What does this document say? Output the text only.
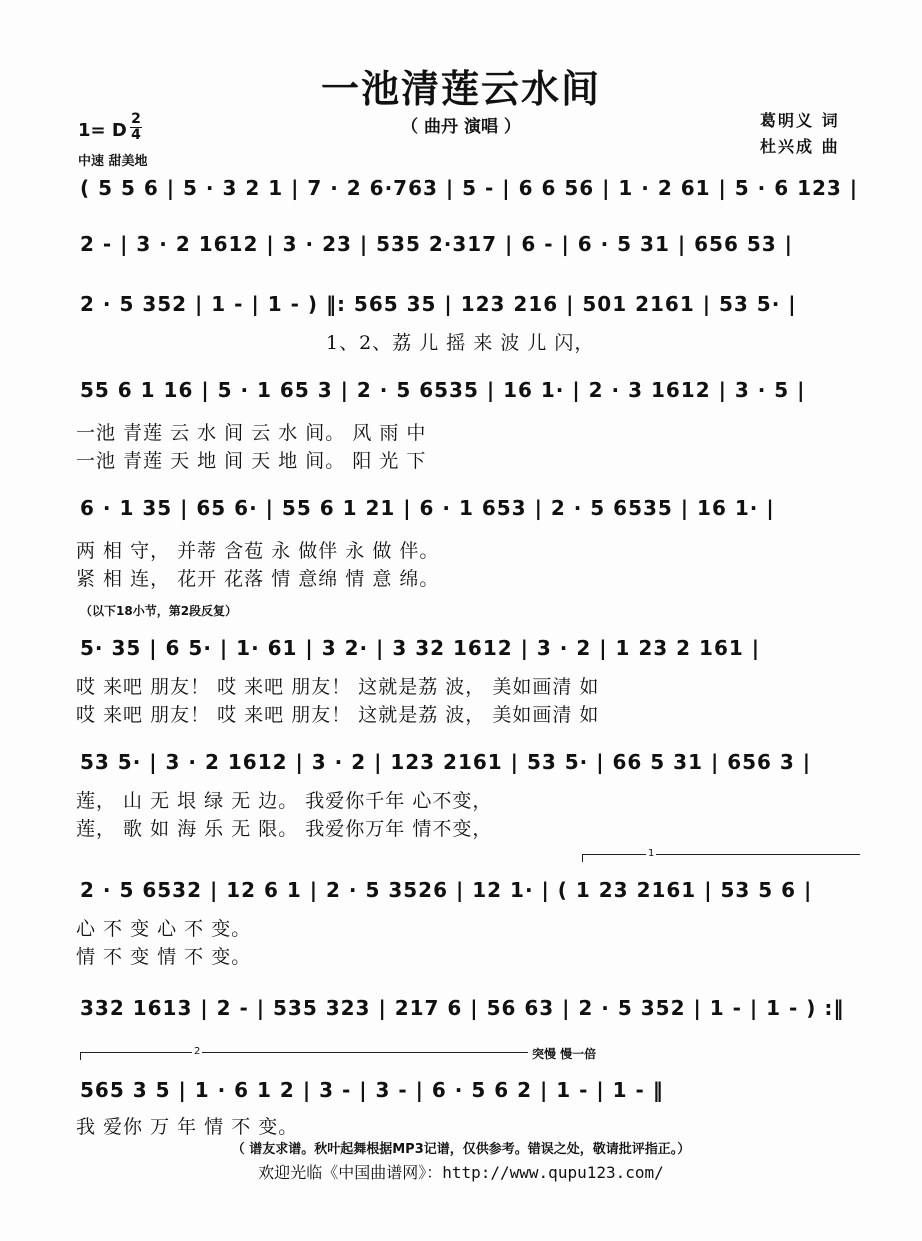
一池清莲云水间
（ 曲丹 演唱 ）	葛明义 词
杜兴成 曲
1= D
2
4
中速 甜美地
( 5 5 6 | 5 · 3 2 1 | 7 · 2 6·763 | 5 - | 6 6 56 | 1 · 2 61 | 5 · 6 123 |
2 - | 3 · 2 1612 | 3 · 23 | 535 2·317 | 6 - | 6 · 5 31 | 656 53 |
2 · 5 352 | 1 - | 1 - ) ‖: 565 35 | 123 216 | 501 2161 | 53 5· |
1、2、荔 儿 摇 来 波 儿 闪，
55 6 1 16 | 5 · 1 65 3 | 2 · 5 6535 | 16 1· | 2 · 3 1612 | 3 · 5 |
一池 青莲 云 水 间 云 水 间。 风 雨 中
一池 青莲 天 地 间 天 地 间。 阳 光 下
6 · 1 35 | 65 6· | 55 6 1 21 | 6 · 1 653 | 2 · 5 6535 | 16 1· |
两 相 守， 并蒂 含苞 永 做伴 永 做 伴。
紧 相 连， 花开 花落 情 意绵 情 意 绵。
（以下18小节，第2段反复）
5· 35 | 6 5· | 1· 61 | 3 2· | 3 32 1612 | 3 · 2 | 1 23 2 161 |
哎 来吧 朋友！ 哎 来吧 朋友！ 这就是荔 波， 美如画清 如
哎 来吧 朋友！ 哎 来吧 朋友！ 这就是荔 波， 美如画清 如
53 5· | 3 · 2 1612 | 3 · 2 | 123 2161 | 53 5· | 66 5 31 | 656 3 |
莲， 山 无 垠 绿 无 边。 我爱你千年 心不变，
莲， 歌 如 海 乐 无 限。 我爱你万年 情不变，
1
2 · 5 6532 | 12 6 1 | 2 · 5 3526 | 12 1· | ( 1 23 2161 | 53 5 6 |
心 不 变 心 不 变。
情 不 变 情 不 变。
332 1613 | 2 - | 535 323 | 217 6 | 56 63 | 2 · 5 352 | 1 - | 1 - ) :‖
2	突慢 慢一倍
565 3 5 | 1 · 6 1 2 | 3 - | 3 - | 6 · 5 6 2 | 1 - | 1 - ‖
我 爱你 万 年 情 不 变。
（ 谱友求谱。秋叶起舞根据MP3记谱，仅供参考。错误之处，敬请批评指正。）
欢迎光临《中国曲谱网》：http://www.qupu123.com/
